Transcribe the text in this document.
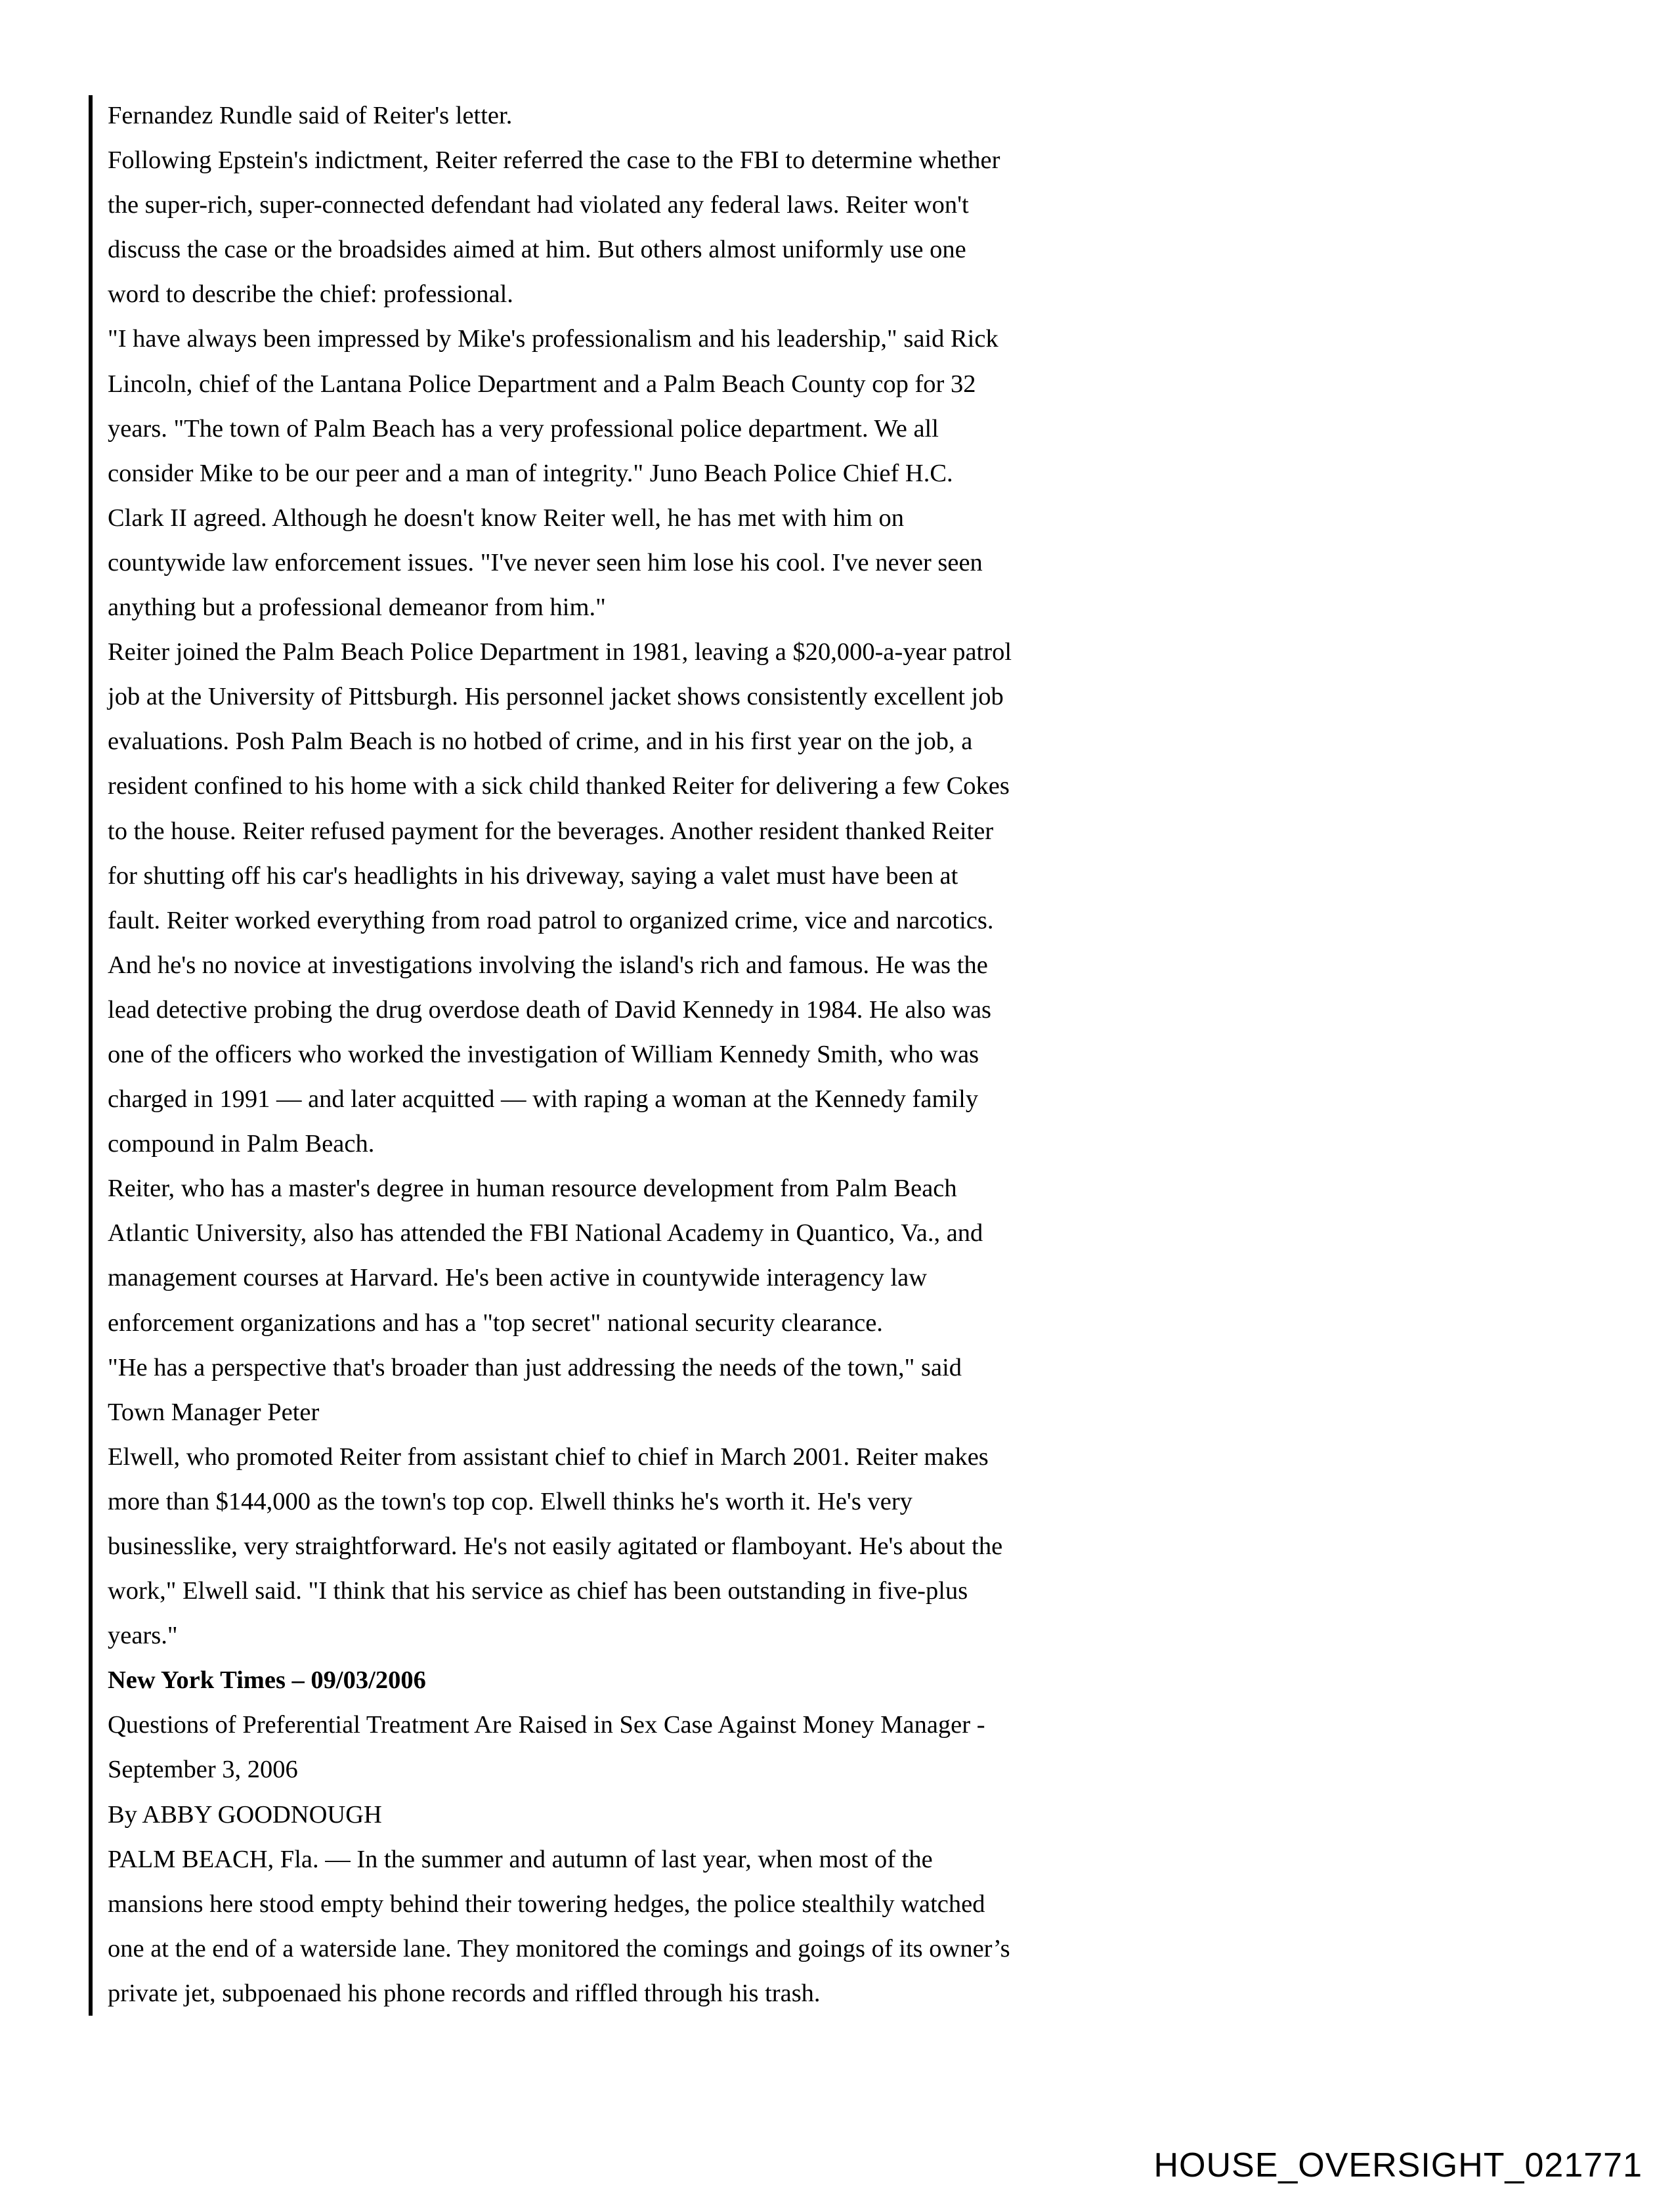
Fernandez Rundle said of Reiter's letter.
Following Epstein's indictment, Reiter referred the case to the FBI to determine whether
the super-rich, super-connected defendant had violated any federal laws. Reiter won't
discuss the case or the broadsides aimed at him. But others almost uniformly use one
word to describe the chief: professional.
"I have always been impressed by Mike's professionalism and his leadership," said Rick
Lincoln, chief of the Lantana Police Department and a Palm Beach County cop for 32
years. "The town of Palm Beach has a very professional police department. We all
consider Mike to be our peer and a man of integrity." Juno Beach Police Chief H.C.
Clark II agreed. Although he doesn't know Reiter well, he has met with him on
countywide law enforcement issues. "I've never seen him lose his cool. I've never seen
anything but a professional demeanor from him."
Reiter joined the Palm Beach Police Department in 1981, leaving a $20,000-a-year patrol
job at the University of Pittsburgh. His personnel jacket shows consistently excellent job
evaluations. Posh Palm Beach is no hotbed of crime, and in his first year on the job, a
resident confined to his home with a sick child thanked Reiter for delivering a few Cokes
to the house. Reiter refused payment for the beverages. Another resident thanked Reiter
for shutting off his car's headlights in his driveway, saying a valet must have been at
fault. Reiter worked everything from road patrol to organized crime, vice and narcotics.
And he's no novice at investigations involving the island's rich and famous. He was the
lead detective probing the drug overdose death of David Kennedy in 1984. He also was
one of the officers who worked the investigation of William Kennedy Smith, who was
charged in 1991 — and later acquitted — with raping a woman at the Kennedy family
compound in Palm Beach.
Reiter, who has a master's degree in human resource development from Palm Beach
Atlantic University, also has attended the FBI National Academy in Quantico, Va., and
management courses at Harvard. He's been active in countywide interagency law
enforcement organizations and has a "top secret" national security clearance.
"He has a perspective that's broader than just addressing the needs of the town," said
Town Manager Peter
Elwell, who promoted Reiter from assistant chief to chief in March 2001. Reiter makes
more than $144,000 as the town's top cop. Elwell thinks he's worth it. He's very
businesslike, very straightforward. He's not easily agitated or flamboyant. He's about the
work," Elwell said. "I think that his service as chief has been outstanding in five-plus
years."
New York Times – 09/03/2006
Questions of Preferential Treatment Are Raised in Sex Case Against Money Manager -
September 3, 2006
By ABBY GOODNOUGH
PALM BEACH, Fla. — In the summer and autumn of last year, when most of the
mansions here stood empty behind their towering hedges, the police stealthily watched
one at the end of a waterside lane. They monitored the comings and goings of its owner’s
private jet, subpoenaed his phone records and riffled through his trash.
HOUSE_OVERSIGHT_021771
